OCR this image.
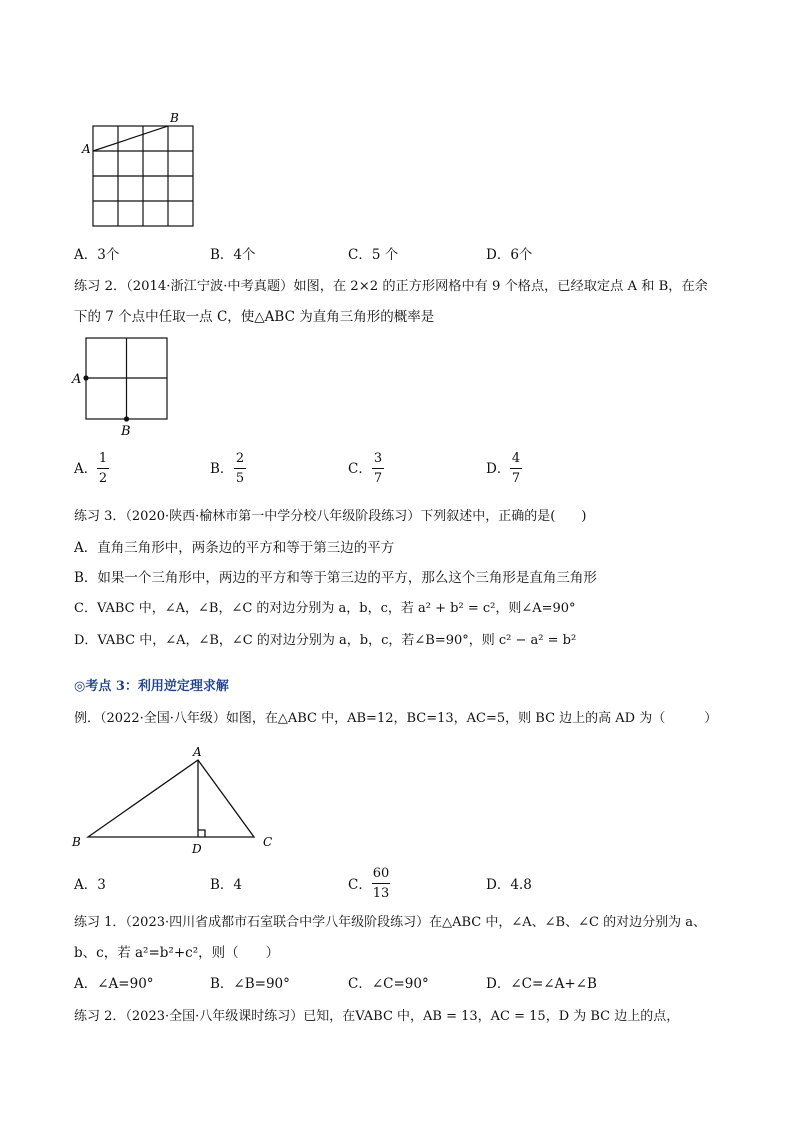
A
B
A．3个	B．4个	C．5 个	D．6个
练习 2．（2014·浙江宁波·中考真题）如图，在 2×2 的正方形网格中有 9 个格点，已经取定点 A 和 B，在余
下的 7 个点中任取一点 C，使△ABC 为直角三角形的概率是
A
B
A．
1
2
B．
2
5
C．
3
7
D．
4
7
练习 3．（2020·陕西·榆林市第一中学分校八年级阶段练习）下列叙述中，正确的是(　　)
A．直角三角形中，两条边的平方和等于第三边的平方
B．如果一个三角形中，两边的平方和等于第三边的平方，那么这个三角形是直角三角形
C．VABC 中，∠A，∠B，∠C 的对边分别为 a，b，c，若 a² + b² = c²，则∠A=90°
D．VABC 中，∠A，∠B，∠C 的对边分别为 a，b，c，若∠B=90°，则 c² − a² = b²
◎考点 3：利用逆定理求解
例．（2022·全国·八年级）如图，在△ABC 中，AB=12，BC=13，AC=5，则 BC 边上的高 AD 为（　　　）
A
B	C
D
A．3	B．4	C．
60
13
D．4.8
练习 1．（2023·四川省成都市石室联合中学八年级阶段练习）在△ABC 中，∠A、∠B、∠C 的对边分别为 a、
b、c，若 a²=b²+c²，则（　　）
A．∠A=90°	B．∠B=90°	C．∠C=90°	D．∠C=∠A+∠B
练习 2．（2023·全国·八年级课时练习）已知，在VABC 中，AB = 13，AC = 15，D 为 BC 边上的点，
